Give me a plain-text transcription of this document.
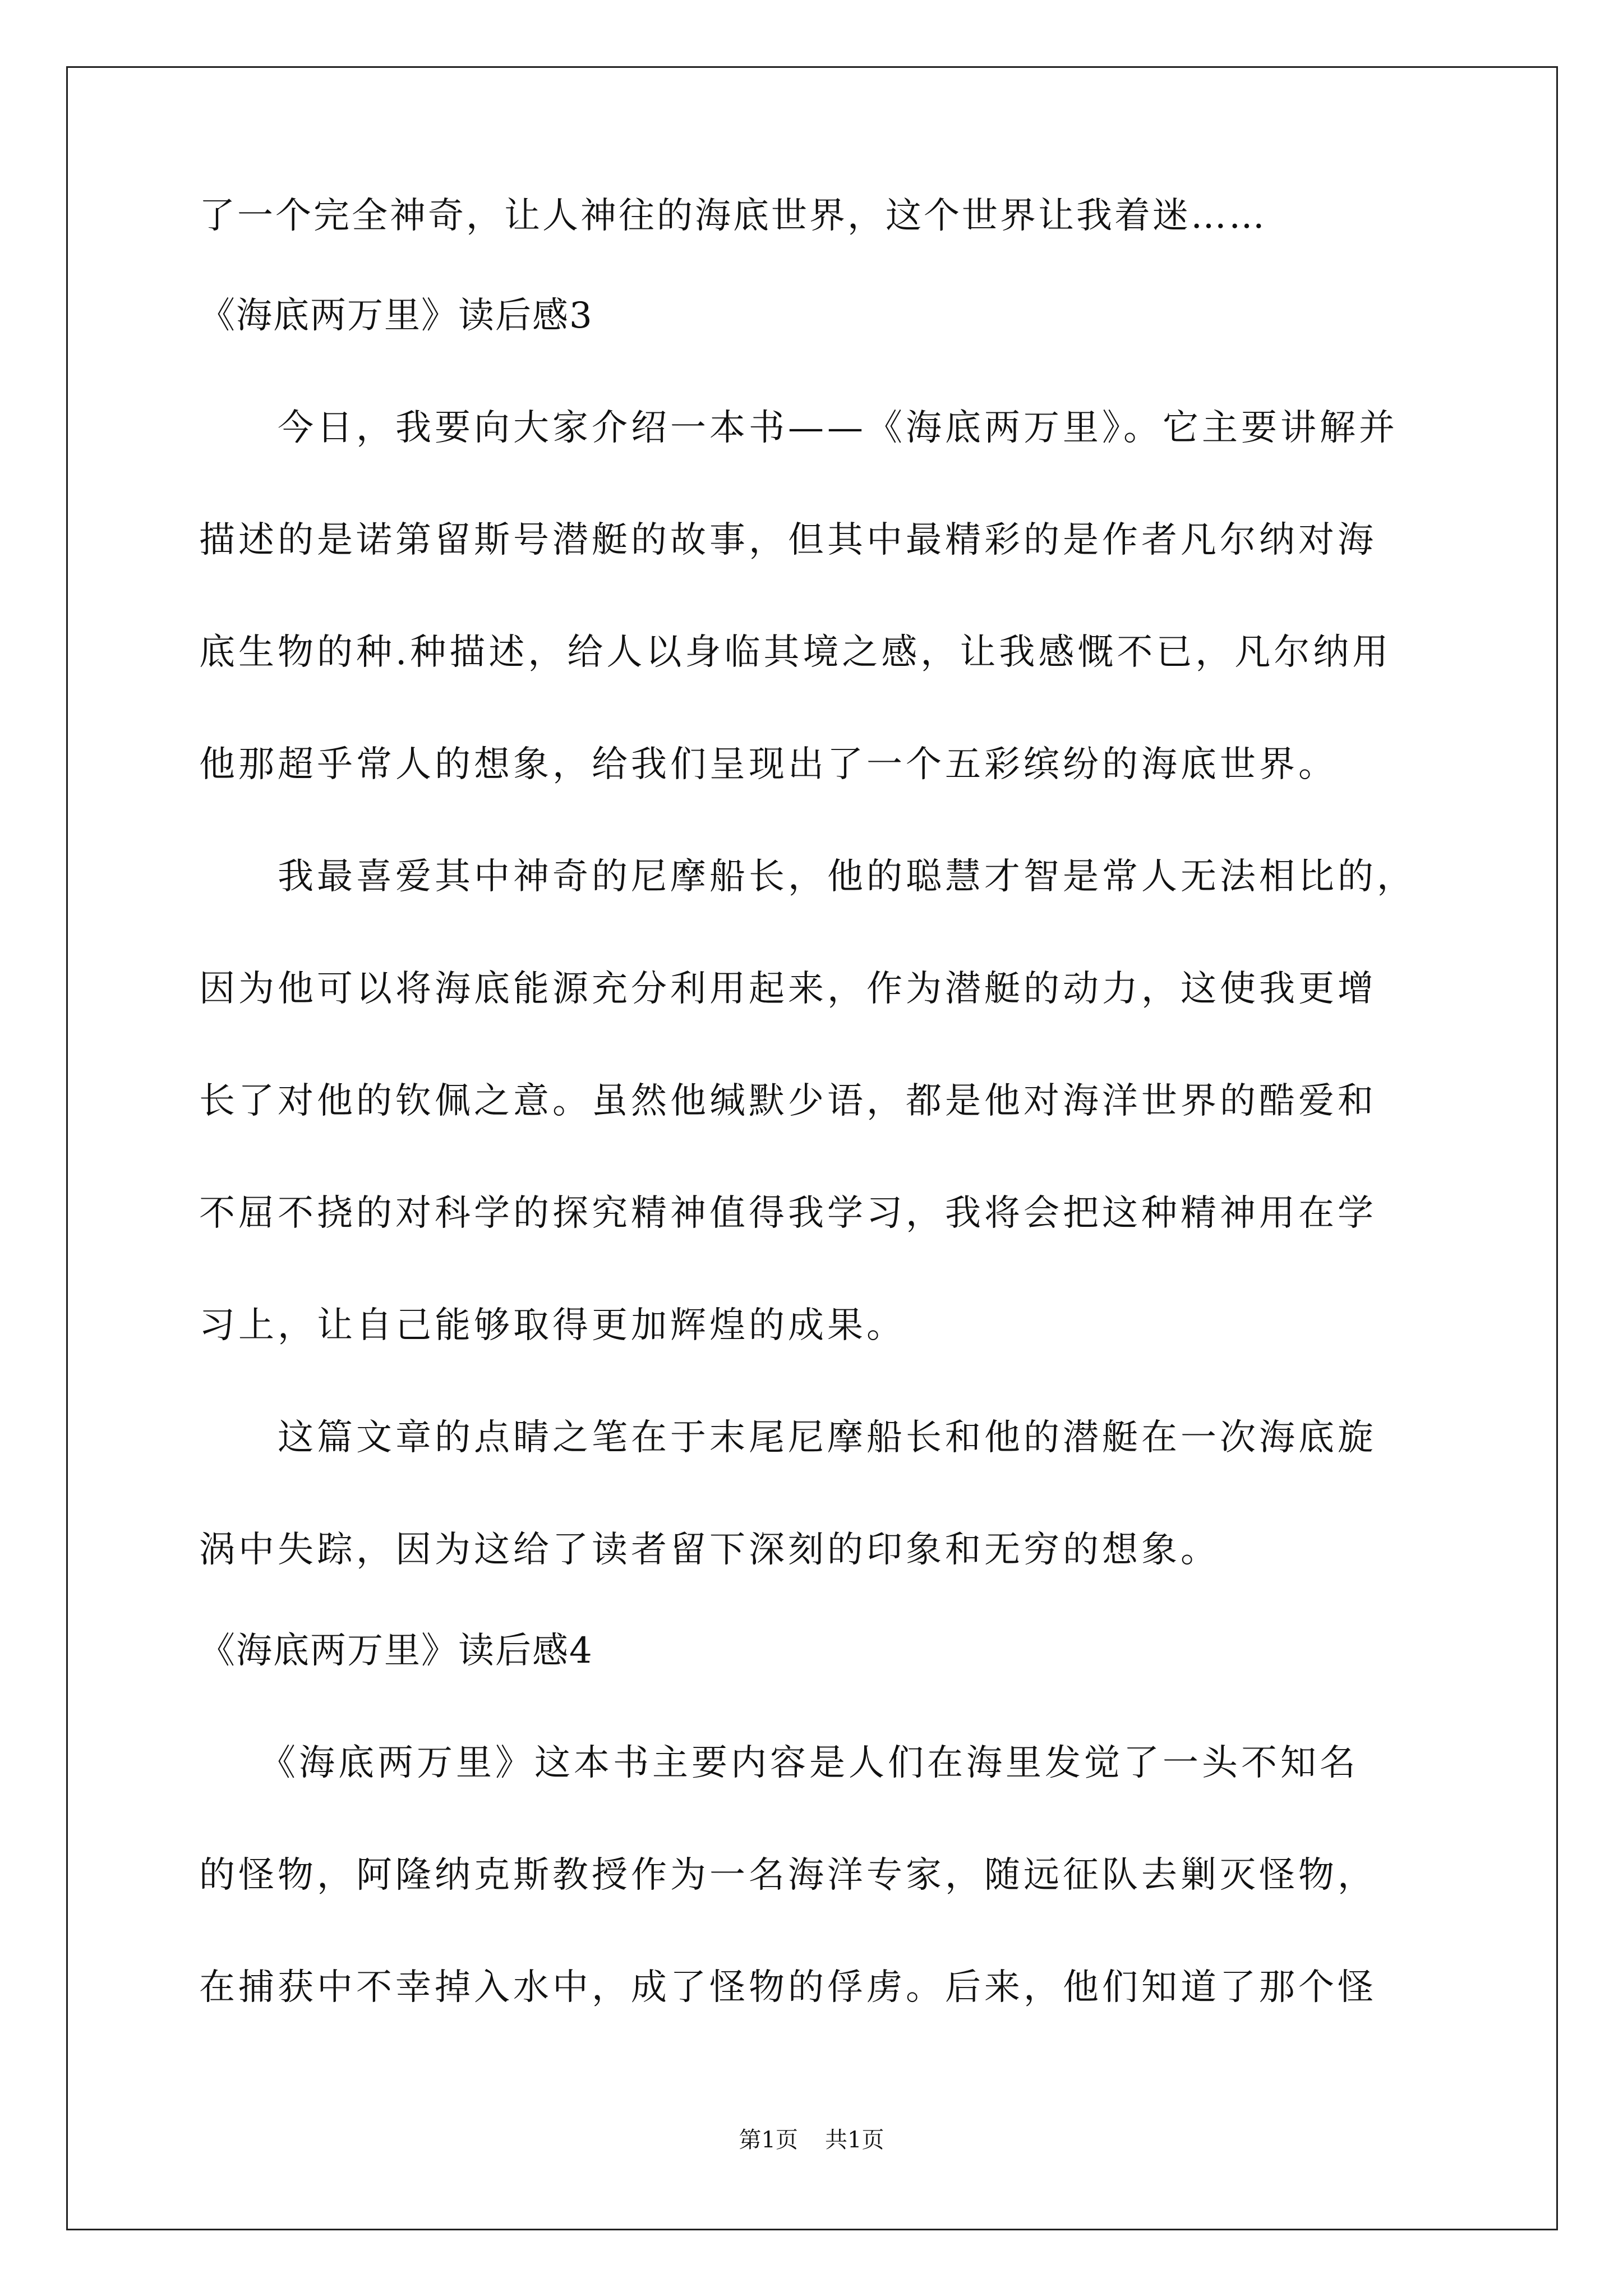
了一个完全神奇，让人神往的海底世界，这个世界让我着迷……
《海底两万里》读后感3
　　今日，我要向大家介绍一本书——《海底两万里》。它主要讲解并
描述的是诺第留斯号潜艇的故事，但其中最精彩的是作者凡尔纳对海
底生物的种.种描述，给人以身临其境之感，让我感慨不已，凡尔纳用
他那超乎常人的想象，给我们呈现出了一个五彩缤纷的海底世界。
　　我最喜爱其中神奇的尼摩船长，他的聪慧才智是常人无法相比的，
因为他可以将海底能源充分利用起来，作为潜艇的动力，这使我更增
长了对他的钦佩之意。虽然他缄默少语，都是他对海洋世界的酷爱和
不屈不挠的对科学的探究精神值得我学习，我将会把这种精神用在学
习上，让自己能够取得更加辉煌的成果。
　　这篇文章的点睛之笔在于末尾尼摩船长和他的潜艇在一次海底旋
涡中失踪，因为这给了读者留下深刻的印象和无穷的想象。
《海底两万里》读后感4
　　《海底两万里》这本书主要内容是人们在海里发觉了一头不知名
的怪物，阿隆纳克斯教授作为一名海洋专家，随远征队去剿灭怪物，
在捕获中不幸掉入水中，成了怪物的俘虏。后来，他们知道了那个怪
第1页 共1页
